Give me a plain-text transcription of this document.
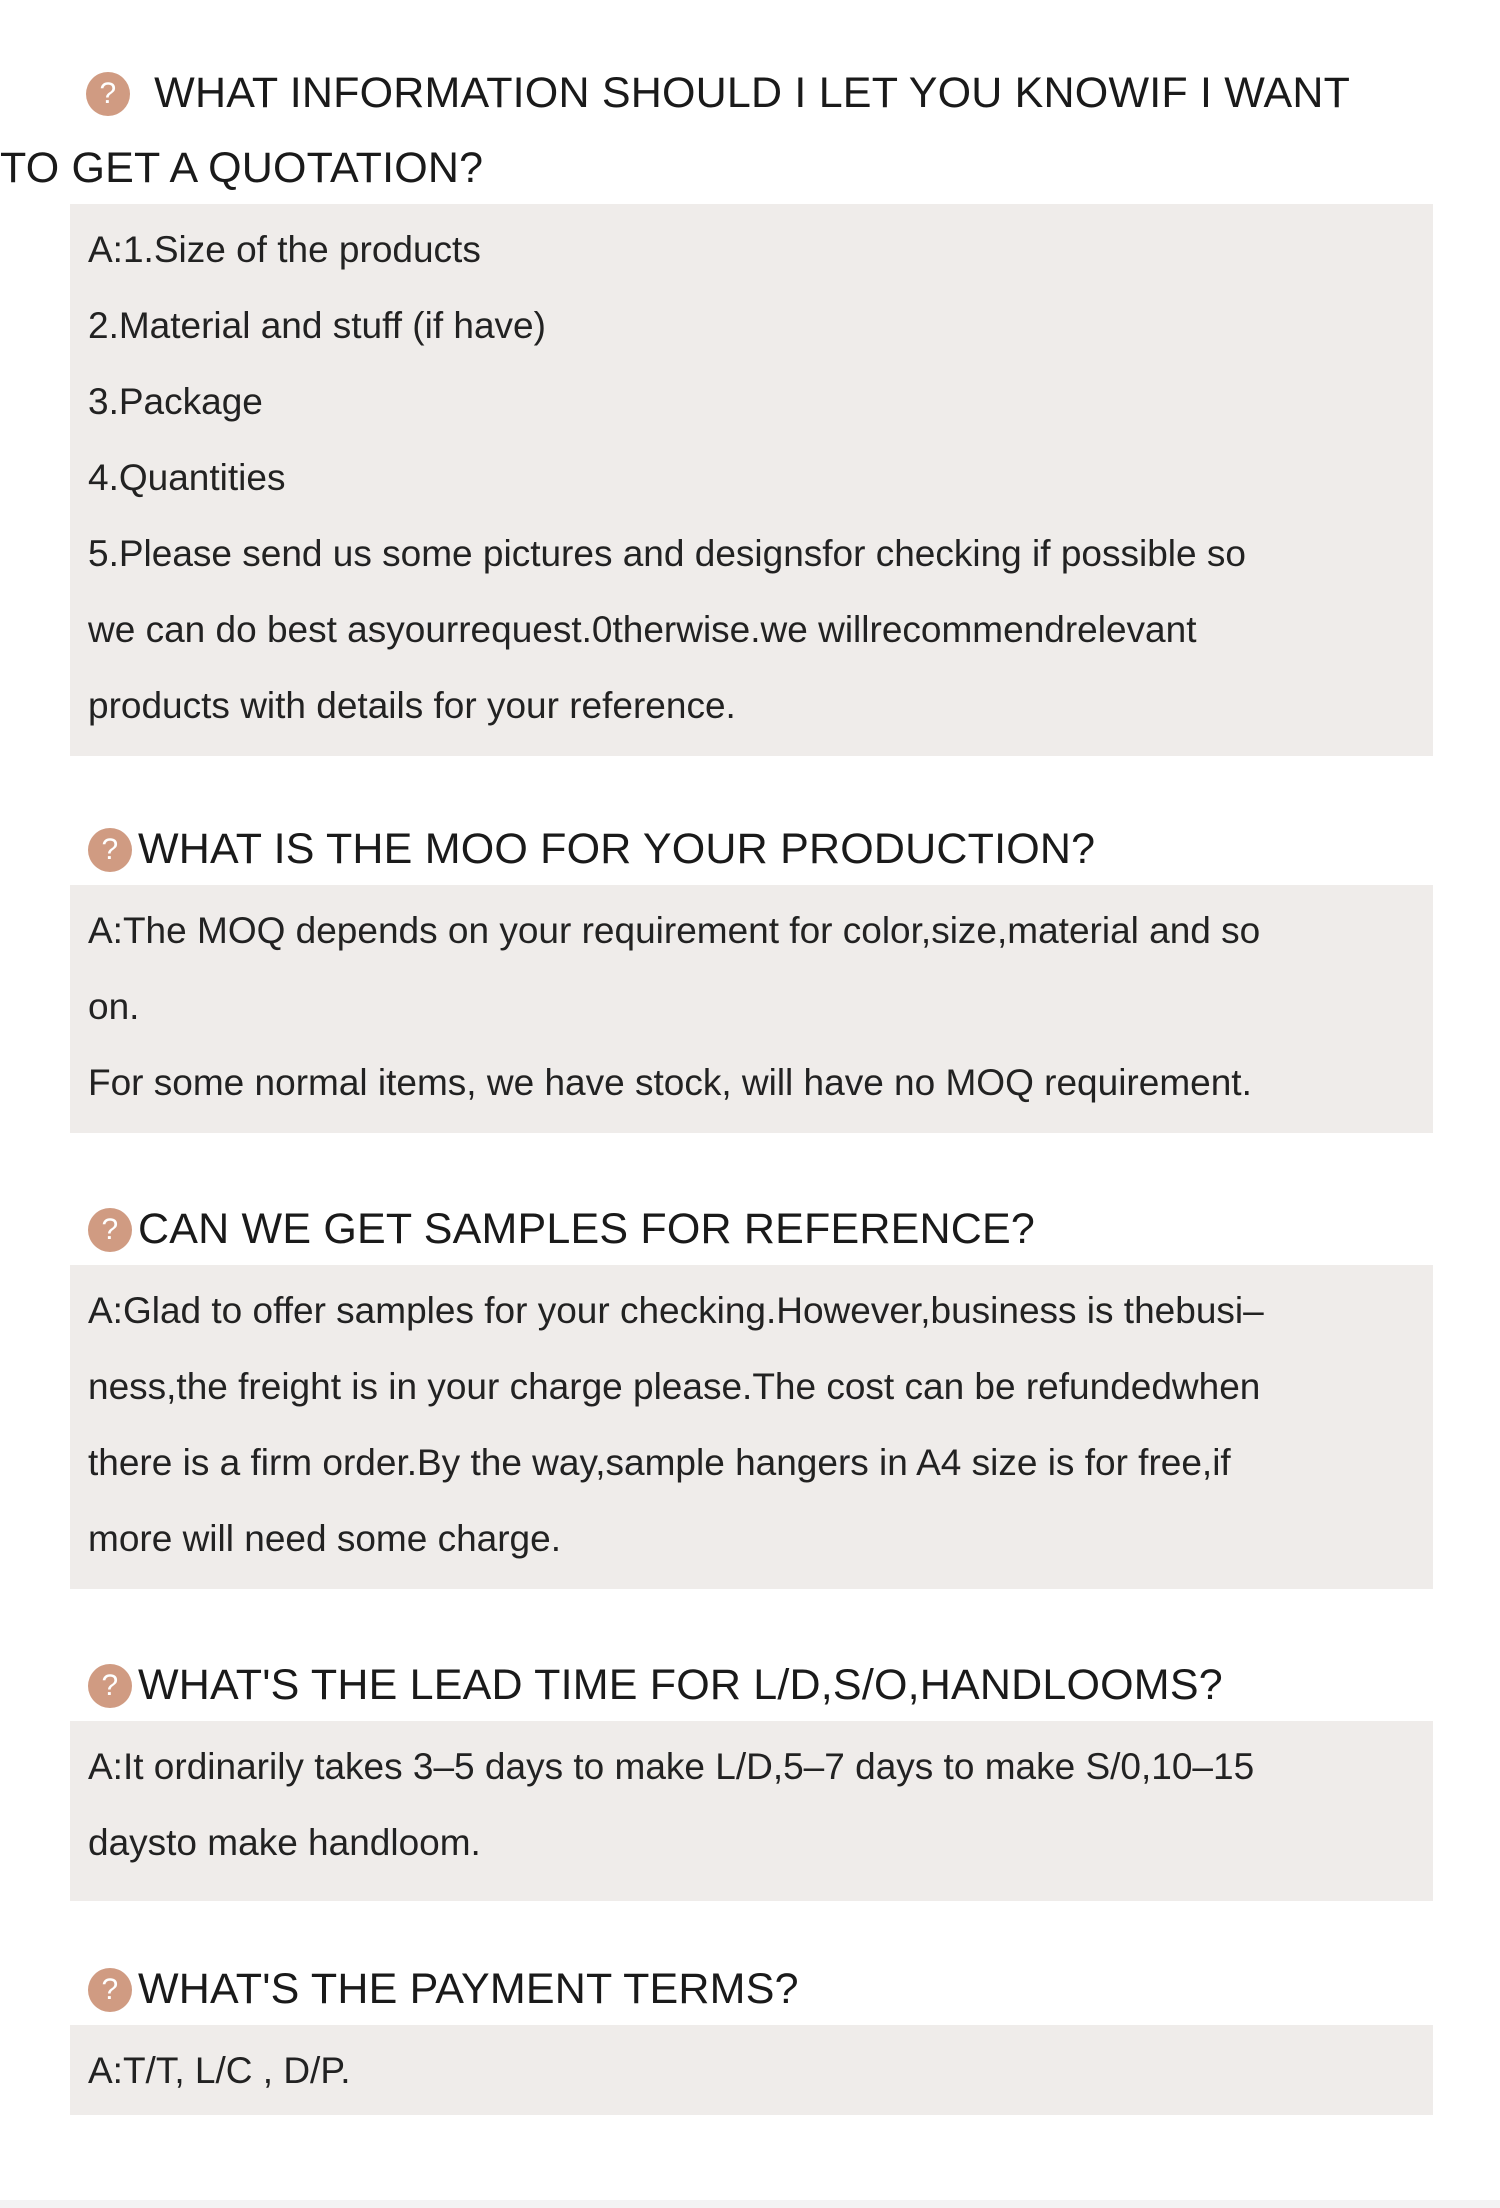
? WHAT INFORMATION SHOULD I LET YOU KNOWIF I WANT
TO GET A QUOTATION?
A:1.Size of the products
2.Material and stuff (if have)
3.Package
4.Quantities
5.Please send us some pictures and designsfor checking if possible so
we can do best asyourrequest.0therwise.we willrecommendrelevant
products with details for your reference.
? WHAT IS THE MOO FOR YOUR PRODUCTION?
A:The MOQ depends on your requirement for color,size,material and so
on.
For some normal items, we have stock, will have no MOQ requirement.
? CAN WE GET SAMPLES FOR REFERENCE?
A:Glad to offer samples for your checking.However,business is thebusi–
ness,the freight is in your charge please.The cost can be refundedwhen
there is a firm order.By the way,sample hangers in A4 size is for free,if
more will need some charge.
? WHAT'S THE LEAD TIME FOR L/D,S/O,HANDLOOMS?
A:It ordinarily takes 3–5 days to make L/D,5–7 days to make S/0,10–15
daysto make handloom.
? WHAT'S THE PAYMENT TERMS?
A:T/T, L/C , D/P.
